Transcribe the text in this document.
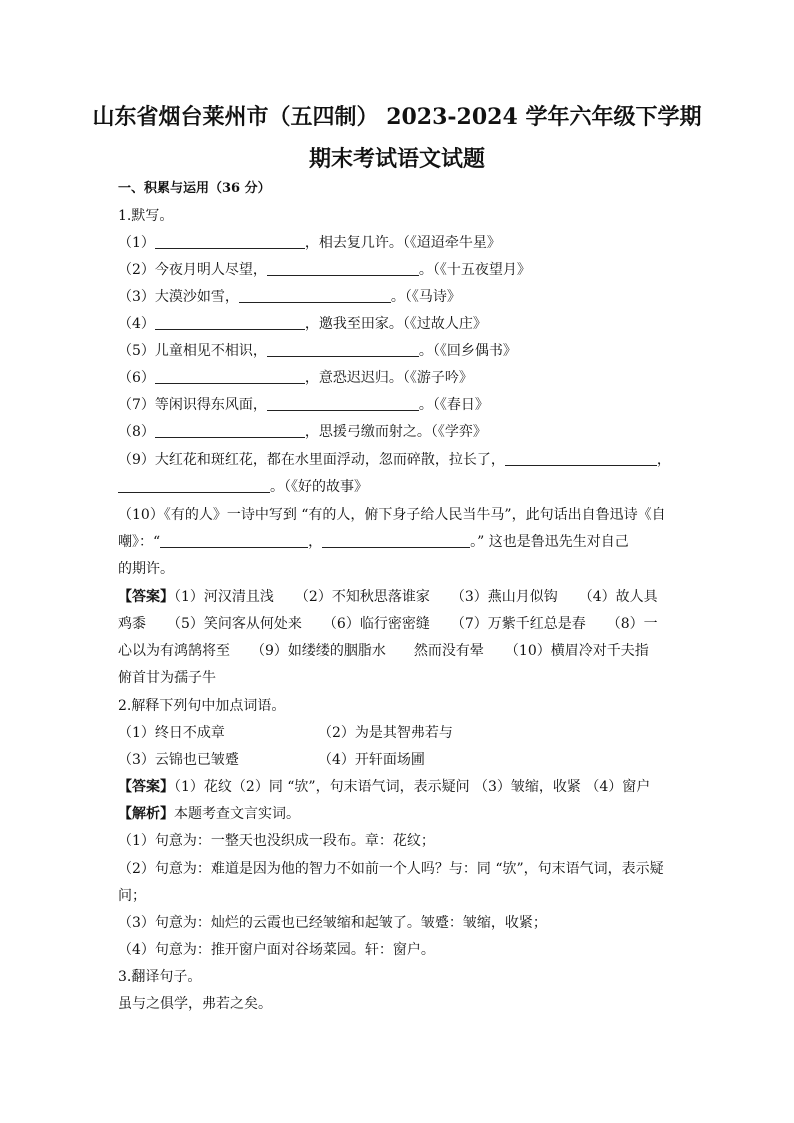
山东省烟台莱州市（五四制） 2023-2024 学年六年级下学期
期末考试语文试题
一、积累与运用（36 分）
1.默写。
（1）	，相去复几许。（《迢迢牵牛星》
（2）今夜月明人尽望，	。（《十五夜望月》
（3）大漠沙如雪，	。（《马诗》
（4）	，邀我至田家。（《过故人庄》
（5）儿童相见不相识，	。（《回乡偶书》
（6）	，意恐迟迟归。（《游子吟》
（7）等闲识得东风面，	。（《春日》
（8）	，思援弓缴而射之。（《学弈》
（9）大红花和斑红花，都在水里面浮动，忽而碎散，拉长了，	，
。（《好的故事》
（10）《有的人》一诗中写到 “有的人，俯下身子给人民当牛马”，此句话出自鲁迅诗《自
嘲》：“	，	。” 这也是鲁迅先生对自己
的期许。
【答案】（1）河汉清且浅　　（2）不知秋思落谁家　　（3）燕山月似钩　　（4）故人具
鸡黍　　（5）笑问客从何处来　　（6）临行密密缝　　（7）万紫千红总是春　　（8）一
心以为有鸿鹄将至　　（9）如缕缕的胭脂水　　然而没有晕　　（10）横眉冷对千夫指
俯首甘为孺子牛
2.解释下列句中加点词语。
（1）终日不成章	（2）为是其智弗若与
（3）云锦也已皱蹙	（4）开轩面场圃
【答案】（1）花纹（2）同 “欤”，句末语气词，表示疑问 （3）皱缩，收紧 （4）窗户
【解析】本题考查文言实词。
（1）句意为：一整天也没织成一段布。章：花纹；
（2）句意为：难道是因为他的智力不如前一个人吗？与：同 “欤”，句末语气词，表示疑
问；
（3）句意为：灿烂的云霞也已经皱缩和起皱了。皱蹙：皱缩，收紧；
（4）句意为：推开窗户面对谷场菜园。轩：窗户。
3.翻译句子。
虽与之俱学，弗若之矣。
